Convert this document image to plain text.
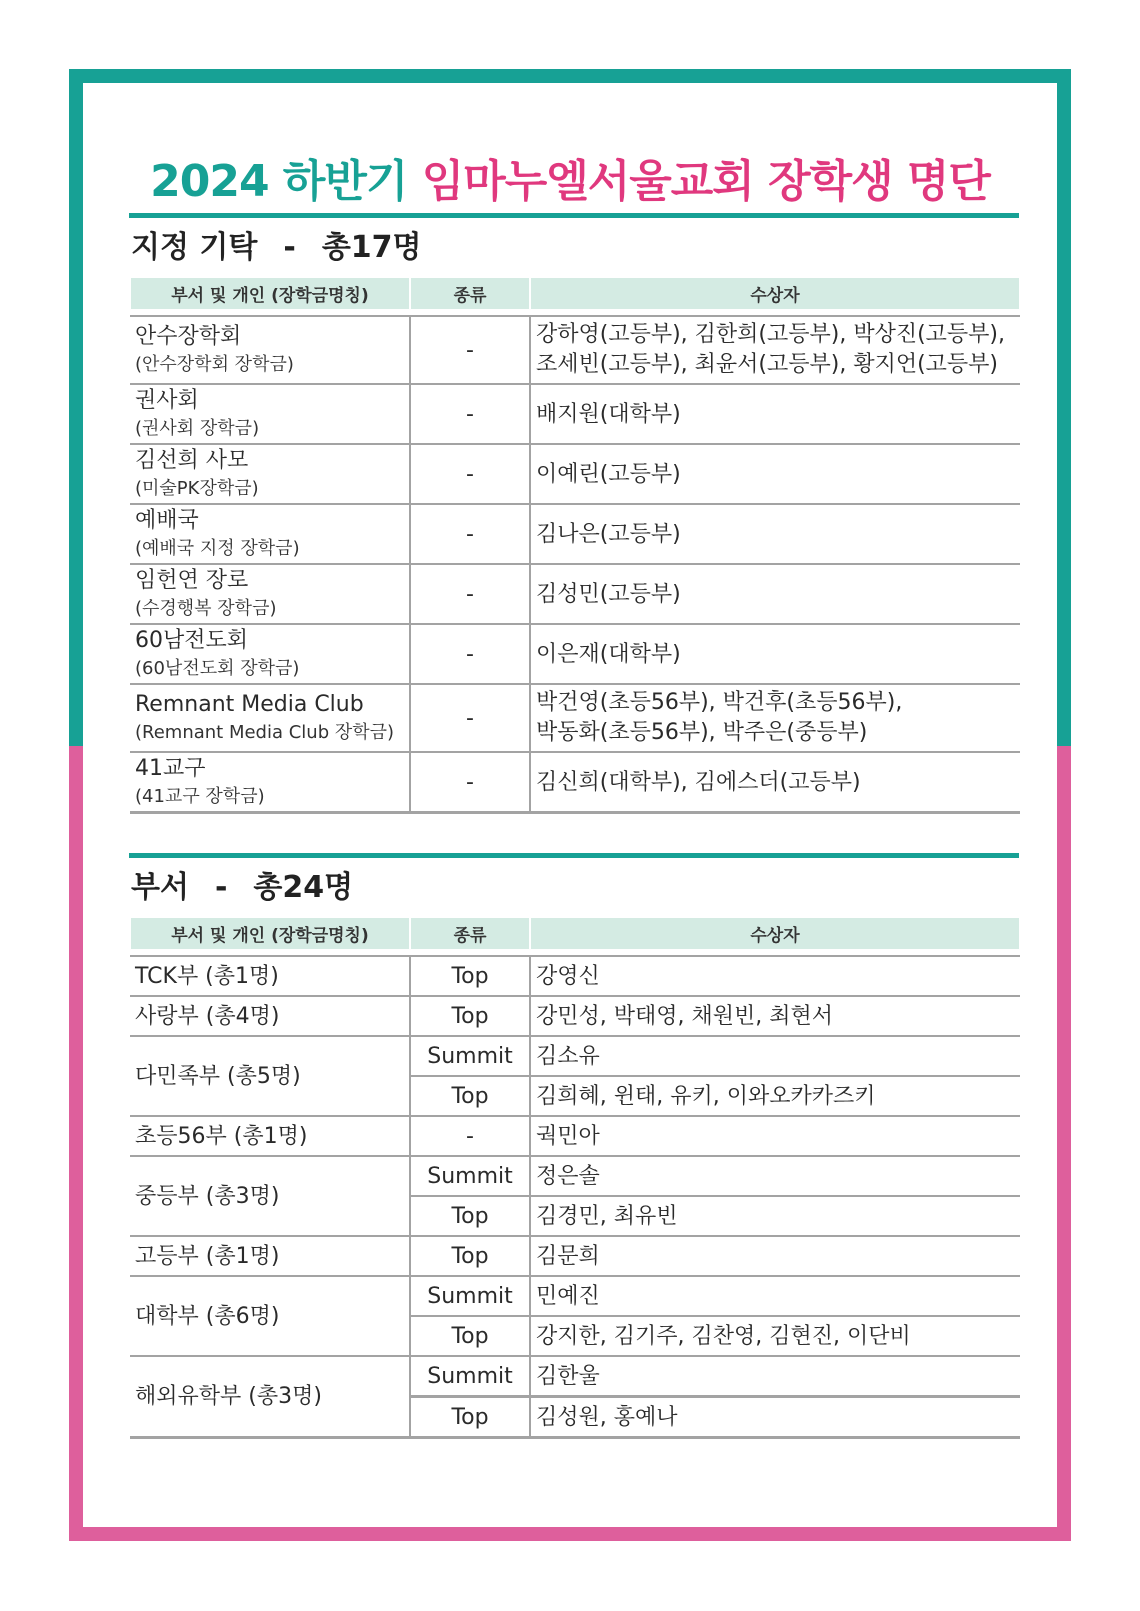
2024 하반기 임마누엘서울교회 장학생 명단
지정 기탁 - 총17명
부서 및 개인 (장학금명칭)	종류	수상자

안수장학회
(안수장학회 장학금)	-	강하영(고등부), 김한희(고등부), 박상진(고등부),
조세빈(고등부), 최윤서(고등부), 황지언(고등부)

권사회
(권사회 장학금)	-	배지원(대학부)

김선희 사모
(미술PK장학금)	-	이예린(고등부)

예배국
(예배국 지정 장학금)	-	김나은(고등부)

임헌연 장로
(수경행복 장학금)	-	김성민(고등부)

60남전도회
(60남전도회 장학금)	-	이은재(대학부)

Remnant Media Club
(Remnant Media Club 장학금)	-	박건영(초등56부), 박건후(초등56부),
박동화(초등56부), 박주은(중등부)

41교구
(41교구 장학금)	-	김신희(대학부), 김에스더(고등부)
부서 - 총24명
부서 및 개인 (장학금명칭)	종류	수상자

TCK부 (총1명)	Top	강영신
사랑부 (총4명)	Top	강민성, 박태영, 채원빈, 최현서
다민족부 (총5명)	Summit	김소유
	Top	김희혜, 윈태, 유키, 이와오카카즈키
초등56부 (총1명)	-	궉민아
중등부 (총3명)	Summit	정은솔
	Top	김경민, 최유빈
고등부 (총1명)	Top	김문희
대학부 (총6명)	Summit	민예진
	Top	강지한, 김기주, 김찬영, 김현진, 이단비
해외유학부 (총3명)	Summit	김한울
	Top	김성원, 홍예나
